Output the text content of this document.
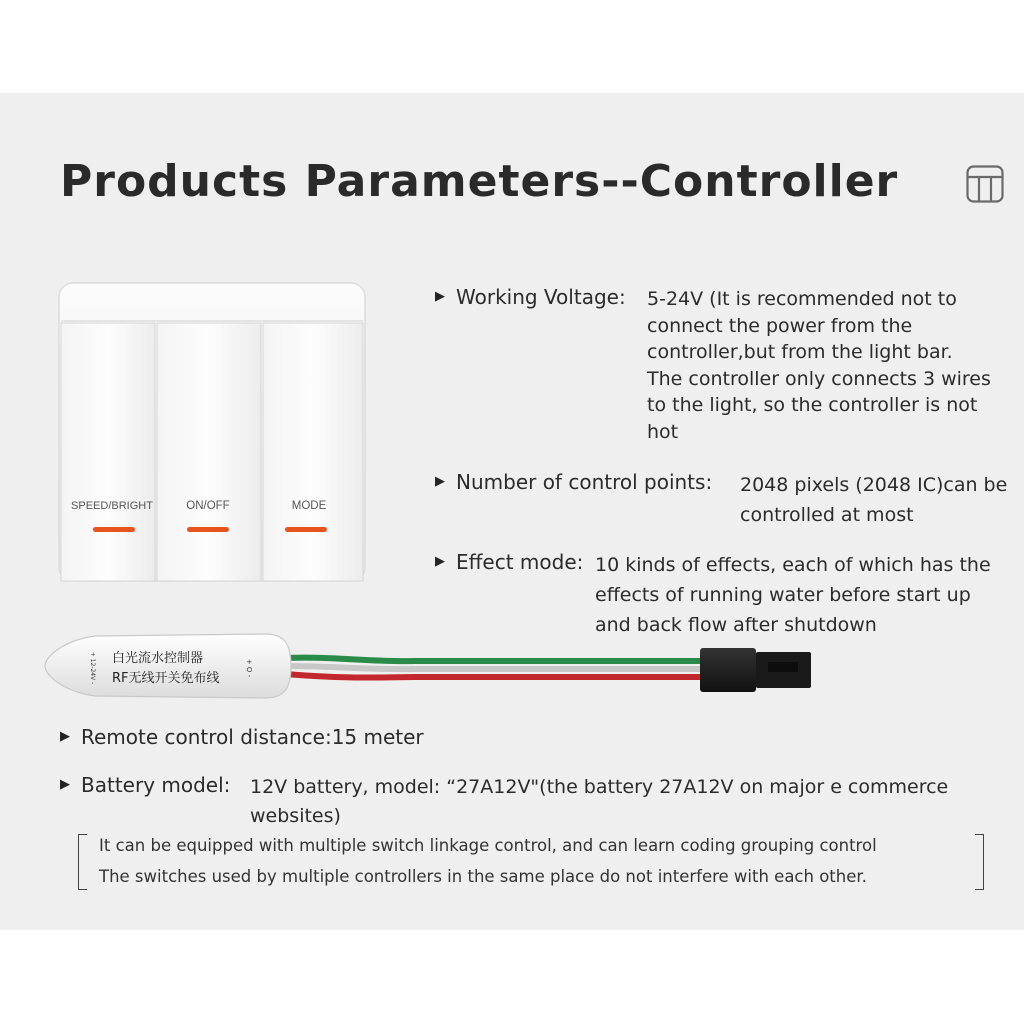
Products Parameters--Controller
SPEED/BRIGHT	ON/OFF	MODE
白光流水控制器
RF无线开关免布线
+ 12-24V -	+ O -
▶ Working Voltage: 5-24V (It is recommended not to
connect the power from the
controller,but from the light bar.
The controller only connects 3 wires
to the light, so the controller is not
hot
▶ Number of control points: 2048 pixels (2048 IC)can be
controlled at most
▶ Effect mode: 10 kinds of effects, each of which has the
effects of running water before start up
and back flow after shutdown
▶ Remote control distance:15 meter
▶ Battery model: 12V battery, model: “27A12V"(the battery 27A12V on major e commerce
websites)
It can be equipped with multiple switch linkage control, and can learn coding grouping control
The switches used by multiple controllers in the same place do not interfere with each other.
